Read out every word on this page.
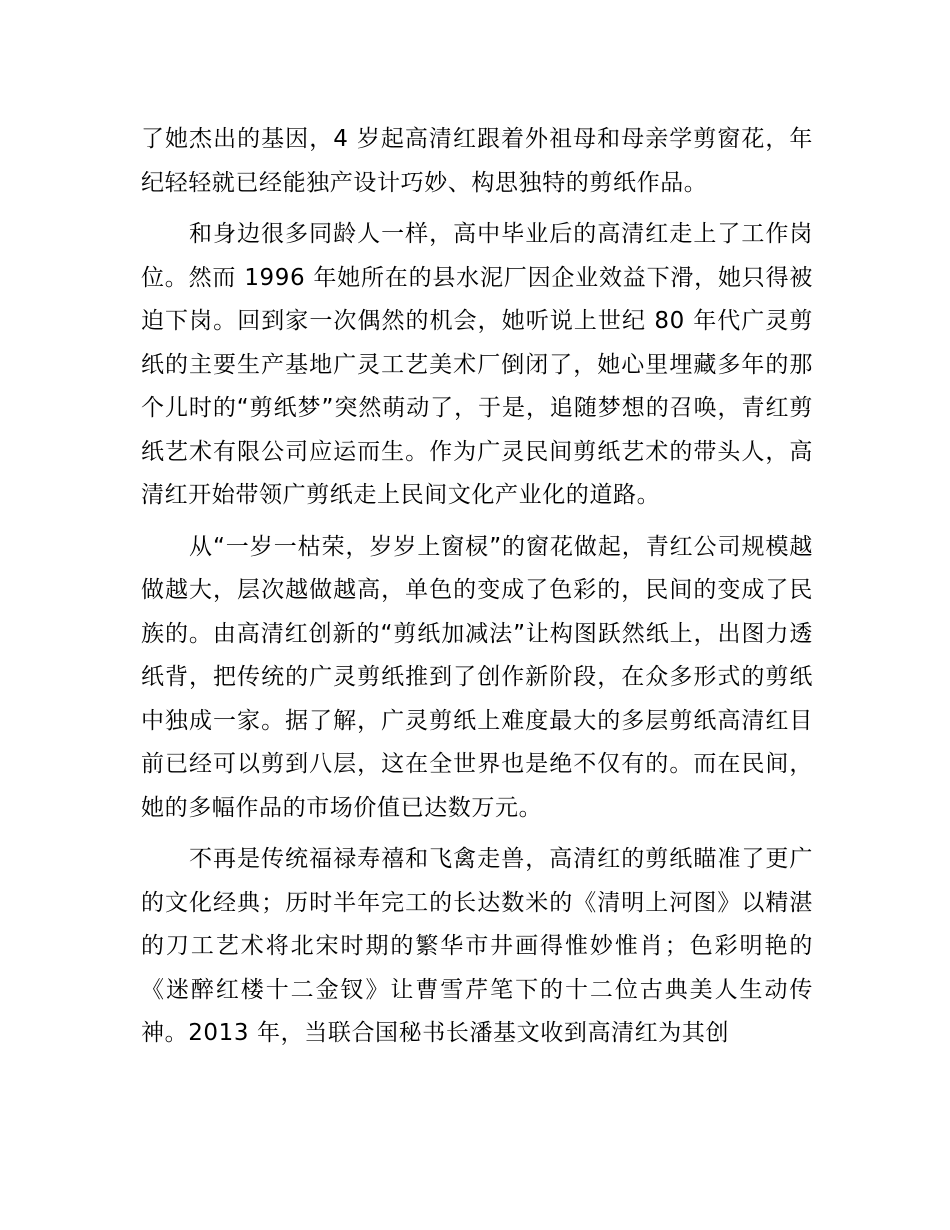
了她杰出的基因，4 岁起高清红跟着外祖母和母亲学剪窗花，年纪轻轻就已经能独产设计巧妙、构思独特的剪纸作品。

和身边很多同龄人一样，高中毕业后的高清红走上了工作岗位。然而 1996 年她所在的县水泥厂因企业效益下滑，她只得被迫下岗。回到家一次偶然的机会，她听说上世纪 80 年代广灵剪纸的主要生产基地广灵工艺美术厂倒闭了，她心里埋藏多年的那个儿时的“剪纸梦”突然萌动了，于是，追随梦想的召唤，青红剪纸艺术有限公司应运而生。作为广灵民间剪纸艺术的带头人，高清红开始带领广剪纸走上民间文化产业化的道路。

从“一岁一枯荣，岁岁上窗棂”的窗花做起，青红公司规模越做越大，层次越做越高，单色的变成了色彩的，民间的变成了民族的。由高清红创新的“剪纸加减法”让构图跃然纸上，出图力透纸背，把传统的广灵剪纸推到了创作新阶段，在众多形式的剪纸中独成一家。据了解，广灵剪纸上难度最大的多层剪纸高清红目前已经可以剪到八层，这在全世界也是绝不仅有的。而在民间，她的多幅作品的市场价值已达数万元。

不再是传统福禄寿禧和飞禽走兽，高清红的剪纸瞄准了更广的文化经典；历时半年完工的长达数米的《清明上河图》以精湛的刀工艺术将北宋时期的繁华市井画得惟妙惟肖；色彩明艳的《迷醉红楼十二金钗》让曹雪芹笔下的十二位古典美人生动传神。2013 年，当联合国秘书长潘基文收到高清红为其创
